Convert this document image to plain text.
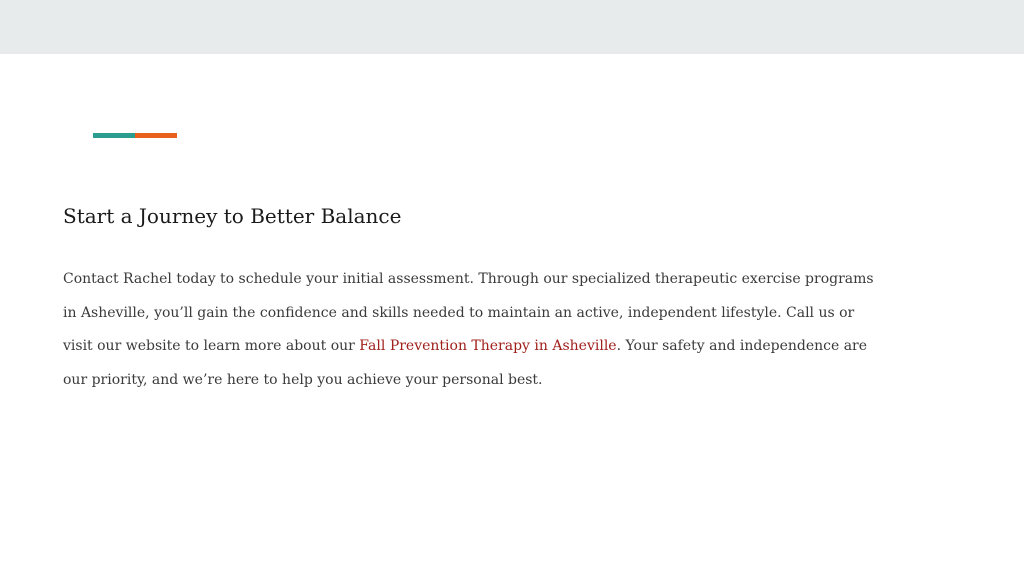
Start a Journey to Better Balance

Contact Rachel today to schedule your initial assessment. Through our specialized therapeutic exercise programs
in Asheville, you’ll gain the confidence and skills needed to maintain an active, independent lifestyle. Call us or
visit our website to learn more about our Fall Prevention Therapy in Asheville. Your safety and independence are
our priority, and we’re here to help you achieve your personal best.
